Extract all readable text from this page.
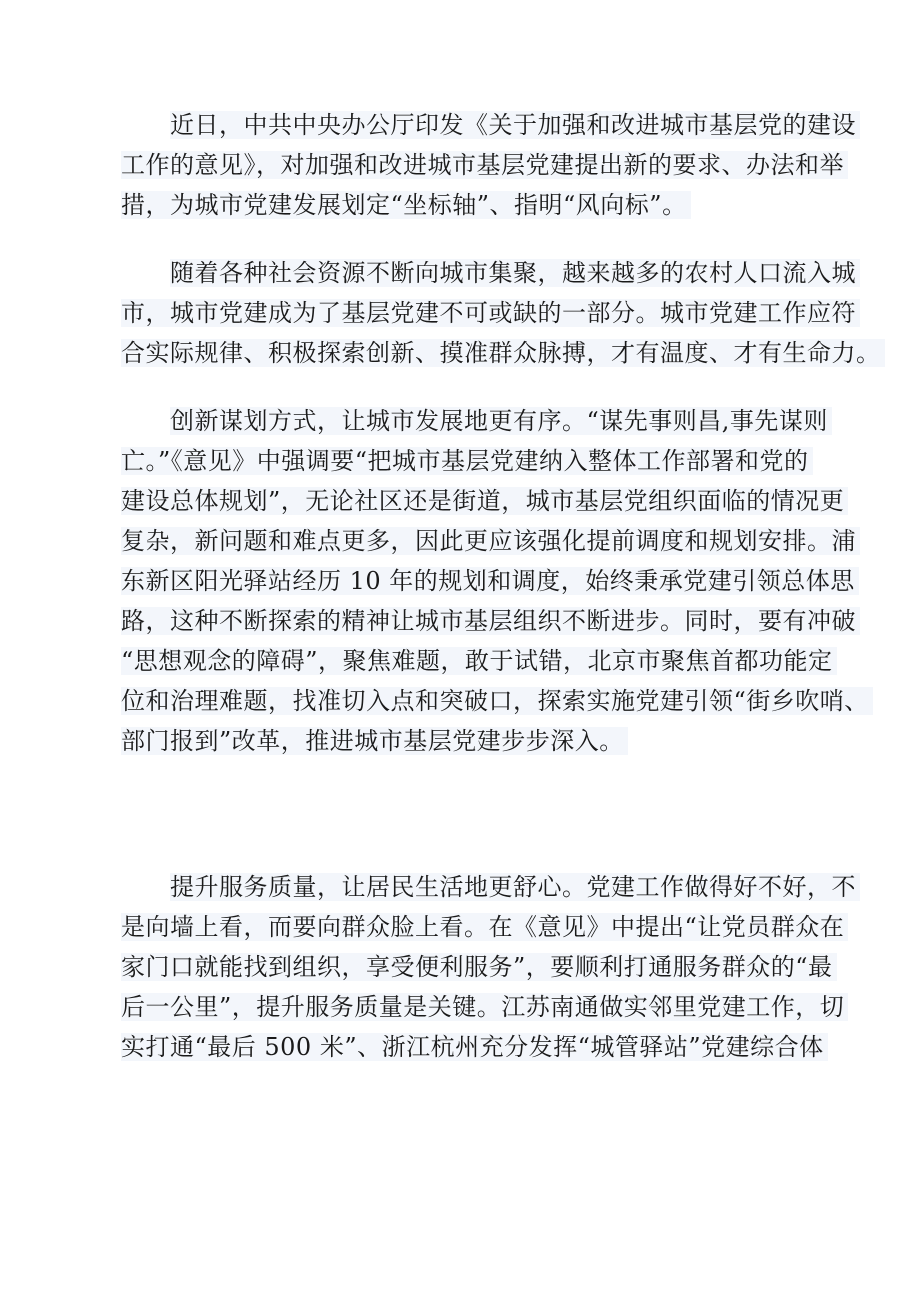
近日，中共中央办公厅印发《关于加强和改进城市基层党的建设
工作的意见》，对加强和改进城市基层党建提出新的要求、办法和举
措，为城市党建发展划定“坐标轴”、指明“风向标”。
随着各种社会资源不断向城市集聚，越来越多的农村人口流入城
市，城市党建成为了基层党建不可或缺的一部分。城市党建工作应符
合实际规律、积极探索创新、摸准群众脉搏，才有温度、才有生命力。
创新谋划方式，让城市发展地更有序。“谋先事则昌,事先谋则
亡。”《意见》中强调要“把城市基层党建纳入整体工作部署和党的
建设总体规划”，无论社区还是街道，城市基层党组织面临的情况更
复杂，新问题和难点更多，因此更应该强化提前调度和规划安排。浦
东新区阳光驿站经历 10 年的规划和调度，始终秉承党建引领总体思
路，这种不断探索的精神让城市基层组织不断进步。同时，要有冲破
“思想观念的障碍”，聚焦难题，敢于试错，北京市聚焦首都功能定
位和治理难题，找准切入点和突破口，探索实施党建引领“街乡吹哨、
部门报到”改革，推进城市基层党建步步深入。
提升服务质量，让居民生活地更舒心。党建工作做得好不好，不
是向墙上看，而要向群众脸上看。在《意见》中提出“让党员群众在
家门口就能找到组织，享受便利服务”，要顺利打通服务群众的“最
后一公里”，提升服务质量是关键。江苏南通做实邻里党建工作，切
实打通“最后 500 米”、浙江杭州充分发挥“城管驿站”党建综合体
